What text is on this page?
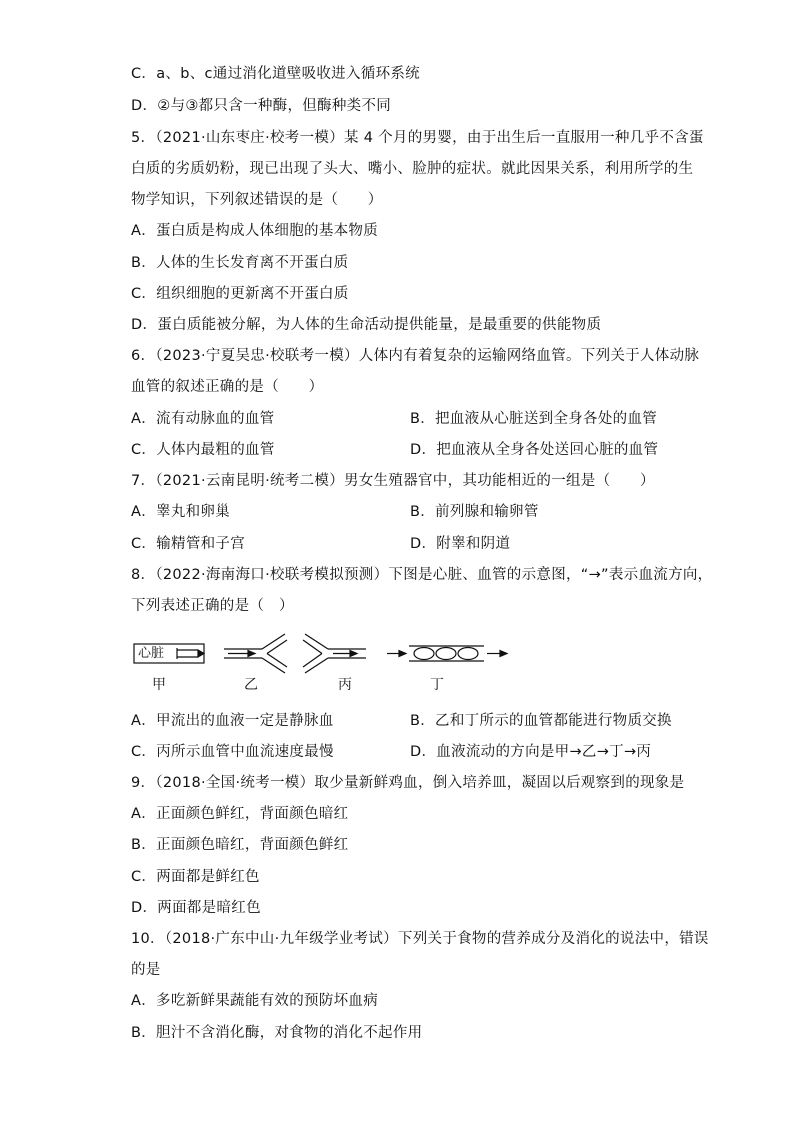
C．a、b、c通过消化道壁吸收进入循环系统
D．②与③都只含一种酶，但酶种类不同
5．（2021·山东枣庄·校考一模）某 4 个月的男婴，由于出生后一直服用一种几乎不含蛋
白质的劣质奶粉，现已出现了头大、嘴小、脸肿的症状。就此因果关系，利用所学的生
物学知识，下列叙述错误的是（　　）
A．蛋白质是构成人体细胞的基本物质
B．人体的生长发育离不开蛋白质
C．组织细胞的更新离不开蛋白质
D．蛋白质能被分解，为人体的生命活动提供能量，是最重要的供能物质
6．（2023·宁夏吴忠·校联考一模）人体内有着复杂的运输网络血管。下列关于人体动脉
血管的叙述正确的是（　　）
A．流有动脉血的血管	B．把血液从心脏送到全身各处的血管
C．人体内最粗的血管	D．把血液从全身各处送回心脏的血管
7．（2021·云南昆明·统考二模）男女生殖器官中，其功能相近的一组是（　　）
A．睾丸和卵巢	B．前列腺和输卵管
C．输精管和子宫	D．附睾和阴道
8．（2022·海南海口·校联考模拟预测）下图是心脏、血管的示意图，“→”表示血流方向，
下列表述正确的是（　）
心脏
甲	乙	丙	丁
A．甲流出的血液一定是静脉血	B．乙和丁所示的血管都能进行物质交换
C．丙所示血管中血流速度最慢	D．血液流动的方向是甲→乙→丁→丙
9．（2018·全国·统考一模）取少量新鲜鸡血，倒入培养皿，凝固以后观察到的现象是
A．正面颜色鲜红，背面颜色暗红
B．正面颜色暗红，背面颜色鲜红
C．两面都是鲜红色
D．两面都是暗红色
10．（2018·广东中山·九年级学业考试）下列关于食物的营养成分及消化的说法中，错误
的是
A．多吃新鲜果蔬能有效的预防坏血病
B．胆汁不含消化酶，对食物的消化不起作用
